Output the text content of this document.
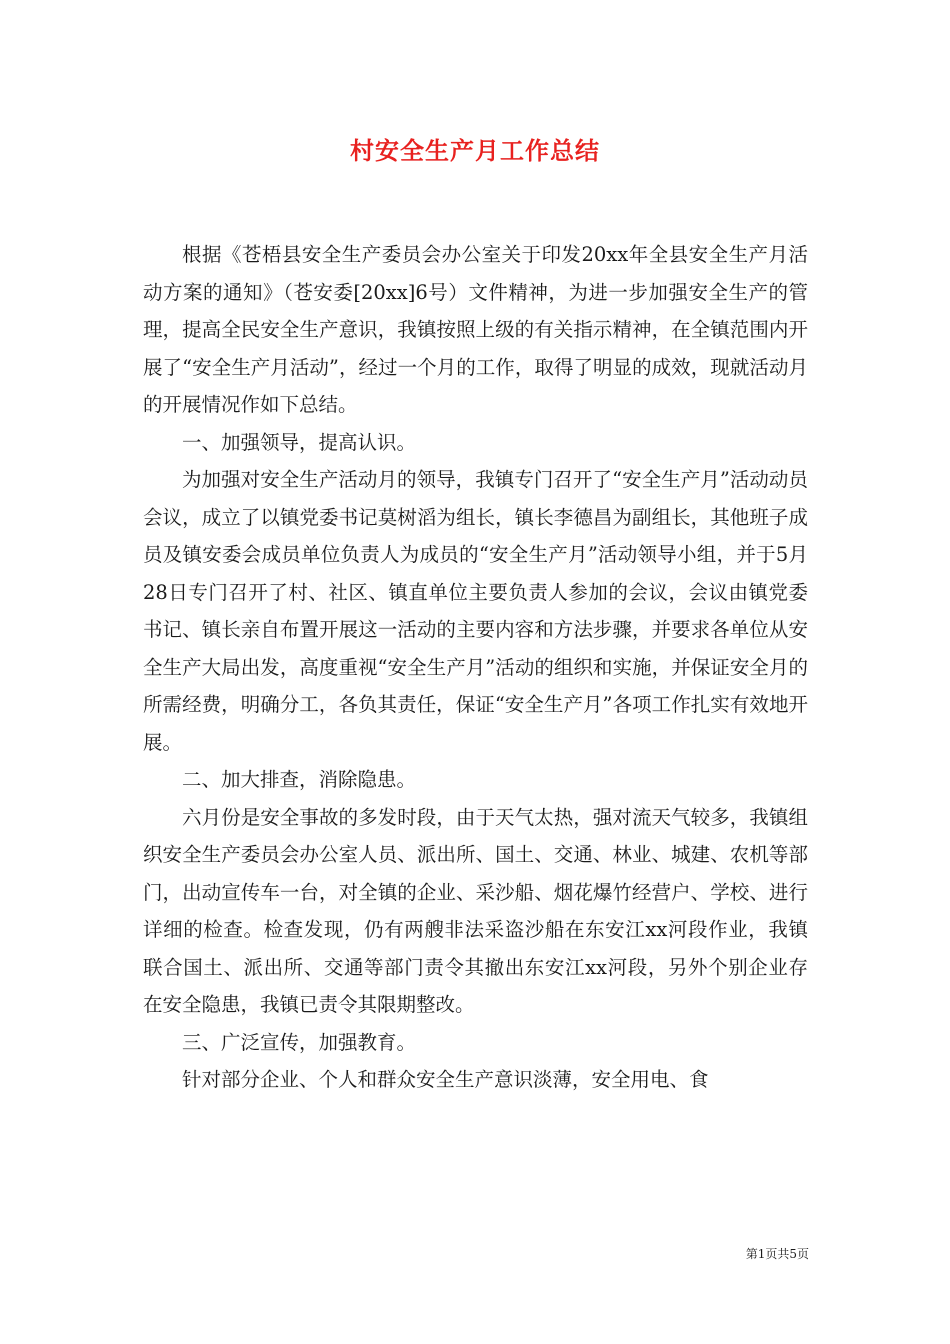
村安全生产月工作总结

根据《苍梧县安全生产委员会办公室关于印发20xx年全县安全生产月活动方案的通知》（苍安委[20xx]6号）文件精神，为进一步加强安全生产的管理，提高全民安全生产意识，我镇按照上级的有关指示精神，在全镇范围内开展了“安全生产月活动”，经过一个月的工作，取得了明显的成效，现就活动月的开展情况作如下总结。

一、加强领导，提高认识。

为加强对安全生产活动月的领导，我镇专门召开了“安全生产月”活动动员会议，成立了以镇党委书记莫树滔为组长，镇长李德昌为副组长，其他班子成员及镇安委会成员单位负责人为成员的“安全生产月”活动领导小组，并于5月28日专门召开了村、社区、镇直单位主要负责人参加的会议，会议由镇党委书记、镇长亲自布置开展这一活动的主要内容和方法步骤，并要求各单位从安全生产大局出发，高度重视“安全生产月”活动的组织和实施，并保证安全月的所需经费，明确分工，各负其责任，保证“安全生产月”各项工作扎实有效地开展。

二、加大排查，消除隐患。

六月份是安全事故的多发时段，由于天气太热，强对流天气较多，我镇组织安全生产委员会办公室人员、派出所、国土、交通、林业、城建、农机等部门，出动宣传车一台，对全镇的企业、采沙船、烟花爆竹经营户、学校、进行详细的检查。检查发现，仍有两艘非法采盗沙船在东安江xx河段作业，我镇联合国土、派出所、交通等部门责令其撤出东安江xx河段，另外个别企业存在安全隐患，我镇已责令其限期整改。

三、广泛宣传，加强教育。

针对部分企业、个人和群众安全生产意识淡薄，安全用电、食

第1页共5页
